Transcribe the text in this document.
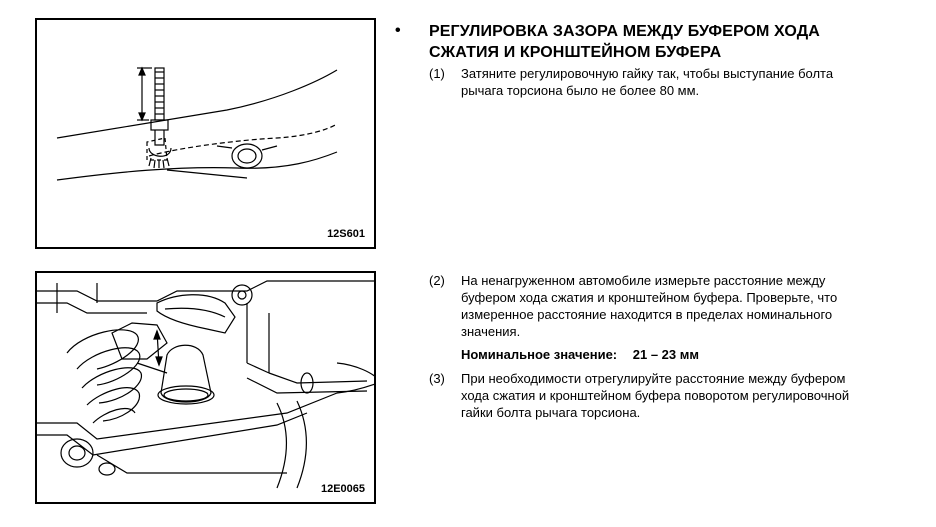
12S601
12E0065
• РЕГУЛИРОВКА ЗАЗОРА МЕЖДУ БУФЕРОМ ХОДА
СЖАТИЯ И КРОНШТЕЙНОМ БУФЕРА
(1)	Затяните регулировочную гайку так, чтобы выступание болта
рычага торсиона было не более 80 мм.
(2)	На ненагруженном автомобиле измерьте расстояние между
буфером хода сжатия и кронштейном буфера. Проверьте, что
измеренное расстояние находится в пределах номинального
значения.
Номинальное значение: 21 – 23 мм
(3)	При необходимости отрегулируйте расстояние между буфером
хода сжатия и кронштейном буфера поворотом регулировочной
гайки болта рычага торсиона.
